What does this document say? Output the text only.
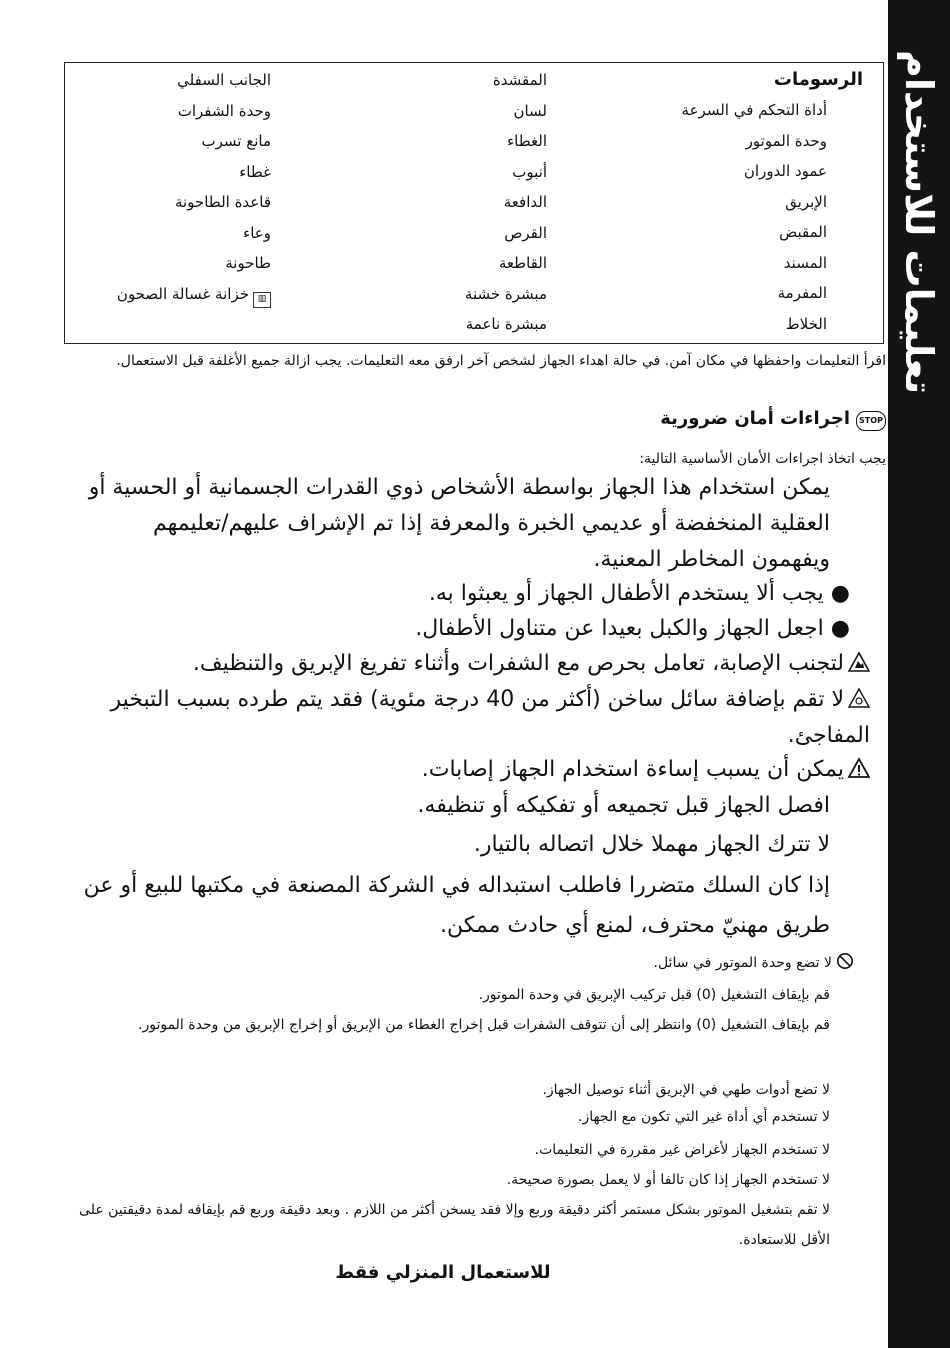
تعليمات للاستخدام
الرسومات
أداة التحكم في السرعة
وحدة الموتور
عمود الدوران
الإبريق
المقبض
المسند
المفرمة
الخلاط
المقشدة
لسان
الغطاء
أنبوب
الدافعة
القرص
القاطعة
مبشرة خشنة
مبشرة ناعمة
الجانب السفلي
وحدة الشفرات
مانع تسرب
غطاء
قاعدة الطاحونة
وعاء
طاحونة
▥خزانة غسالة الصحون
اقرأ التعليمات واحفظها في مكان آمن. في حالة اهداء الجهاز لشخص آخر ارفق معه التعليمات. يجب ازالة جميع الأغلفة قبل الاستعمال.
STOPاجراءات أمان ضرورية
يجب اتخاذ اجراءات الأمان الأساسية التالية:
يمكن استخدام هذا الجهاز بواسطة الأشخاص ذوي القدرات الجسمانية أو الحسية أو العقلية المنخفضة أو عديمي الخبرة والمعرفة إذا تم الإشراف عليهم/تعليمهم ويفهمون المخاطر المعنية.
● يجب ألا يستخدم الأطفال الجهاز أو يعبثوا به.
● اجعل الجهاز والكبل بعيدا عن متناول الأطفال.
لتجنب الإصابة، تعامل بحرص مع الشفرات وأثناء تفريغ الإبريق والتنظيف.
لا تقم بإضافة سائل ساخن (أكثر من 40 درجة مئوية) فقد يتم طرده بسبب التبخير المفاجئ.
يمكن أن يسبب إساءة استخدام الجهاز إصابات.
افصل الجهاز قبل تجميعه أو تفكيكه أو تنظيفه.
لا تترك الجهاز مهملا خلال اتصاله بالتيار.
إذا كان السلك متضررا فاطلب استبداله في الشركة المصنعة في مكتبها للبيع أو عن طريق مهنيّ محترف، لمنع أي حادث ممكن.
لا تضع وحدة الموتور في سائل.
قم بإيقاف التشغيل (0) قبل تركيب الإبريق في وحدة الموتور.
قم بإيقاف التشغيل (0) وانتظر إلى أن تتوقف الشفرات قبل إخراج الغطاء من الإبريق أو إخراج الإبريق من وحدة الموتور.
لا تضع أدوات طهي في الإبريق أثناء توصيل الجهاز.
لا تستخدم أي أداة غير التي تكون مع الجهاز.
لا تستخدم الجهاز لأغراض غير مقررة في التعليمات.
لا تستخدم الجهاز إذا كان تالفا أو لا يعمل بصورة صحيحة.
لا تقم بتشغيل الموتور بشكل مستمر أكثر دقيقة وربع وإلا فقد يسخن أكثر من اللازم . وبعد دقيقة وربع قم بإيقافه لمدة دقيقتين على الأقل للاستعادة.
للاستعمال المنزلي فقط
